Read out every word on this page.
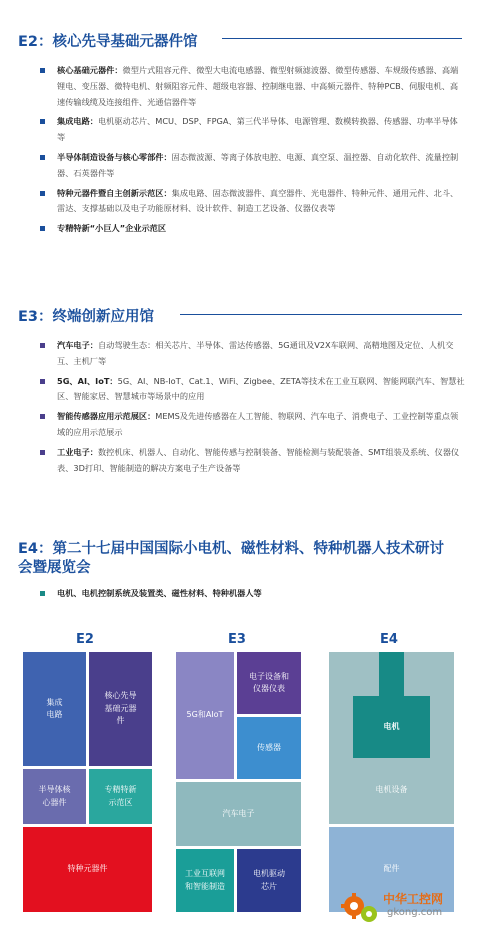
E2：核心先导基础元器件馆
核心基础元器件：微型片式阻容元件、微型大电流电感器、微型射频滤波器、微型传感器、车规级传感器、高端锂电、变压器、微特电机、射频阻容元件、超级电容器、控制继电器、中高频元器件、特种PCB、伺服电机、高速传输线缆及连接组件、光通信器件等
集成电路：电机驱动芯片、MCU、DSP、FPGA、第三代半导体、电源管理、数模转换器、传感器、功率半导体等
半导体制造设备与核心零部件：固态微波源、等离子体放电腔、电源、真空泵、温控器、自动化软件、流量控制器、石英器件等
特种元器件暨自主创新示范区：集成电路、固态微波器件、真空器件、光电器件、特种元件、通用元件、北斗、雷达、支撑基础以及电子功能原材料、设计软件、制造工艺设备、仪器仪表等
专精特新“小巨人”企业示范区
E3：终端创新应用馆
汽车电子：自动驾驶生态：相关芯片、半导体、雷达传感器、5G通讯及V2X车联网、高精地图及定位、人机交互、主机厂等
5G、AI、IoT：5G、AI、NB-IoT、Cat.1、WiFi、Zigbee、ZETA等技术在工业互联网、智能网联汽车、智慧社区、智能家居、智慧城市等场景中的应用
智能传感器应用示范展区：MEMS及先进传感器在人工智能、物联网、汽车电子、消费电子、工业控制等重点领域的应用示范展示
工业电子：数控机床、机器人、自动化、智能传感与控制装备、智能检测与装配装备、SMT组装及系统、仪器仪表、3D打印、智能制造的解决方案电子生产设备等
E4：第二十七届中国国际小电机、磁性材料、特种机器人技术研讨会暨展览会
电机、电机控制系统及装置类、磁性材料、特种机器人等
E2	E3	E4
集成
电路
核心先导
基础元器
件
半导体核
心器件
专精特新
示范区
特种元器件
5G和AIoT
电子设备和
仪器仪表
传感器
汽车电子
工业互联网
和智能制造
电机驱动
芯片
电机
电机设备
配件
中华工控网
gkong.com
